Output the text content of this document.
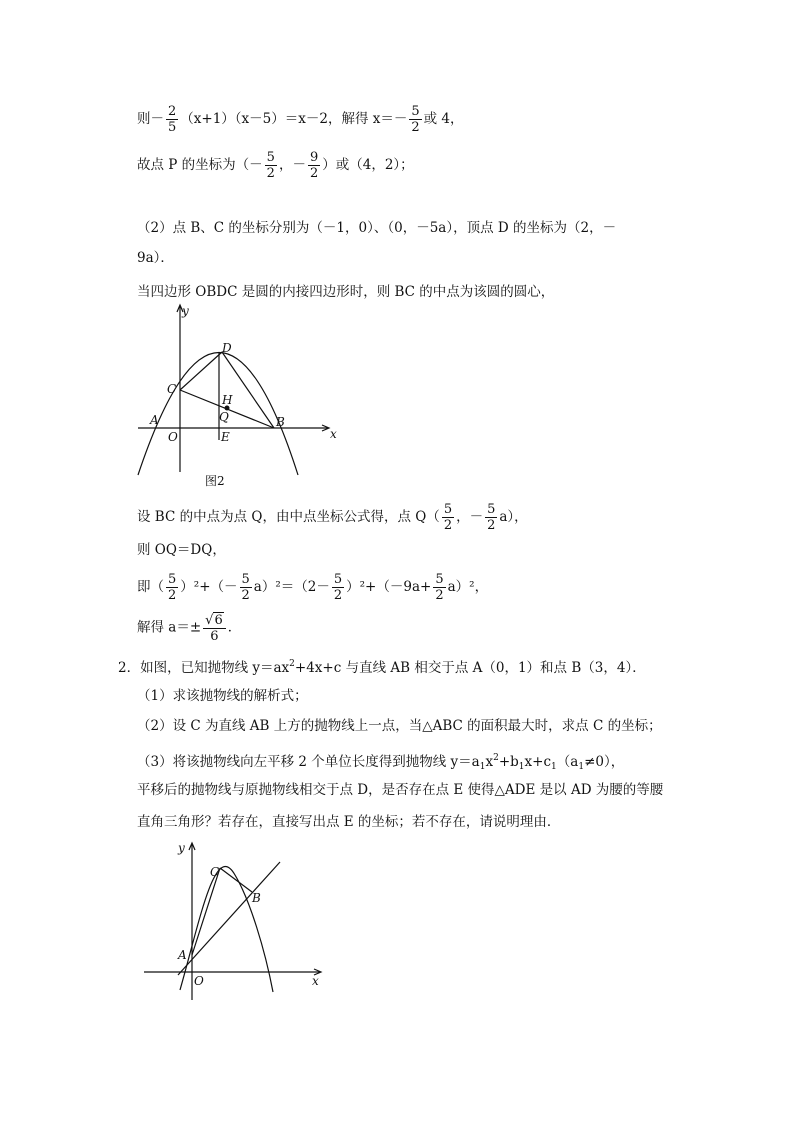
则－ $\frac{2}{5} (x+1)(x-5)=x-2$，解得 $x=- \frac{5}{2}$ 或 4，
故点 P 的坐标为（－ $\frac{5}{2}$ ，－ $\frac{9}{2}$ ）或（4，2）；
（2）点 B、C 的坐标分别为（－1，0）、（0，－5a），顶点 D 的坐标为（2，－
9a）．
当四边形 OBDC 是圆的内接四边形时，则 BC 的中点为该圆的圆心，
y
x
D
C
H
Q
A
O	E
B
图2
设 BC 的中点为点 Q，由中点坐标公式得，点 $Q( \frac{5}{2}$ ，－ $\frac{5}{2} a$），
则 OQ＝DQ，
即（ $\frac{5}{2} )^2+(- \frac{5}{2} a)^2=(2- \frac{5}{2} )^2+(-9a+ \frac{5}{2} a)^2$，
解得 $a=\pm \frac{√6}{6}$ ．
2．如图，已知抛物线 $y=ax^2+4x+c$ 与直线 AB 相交于点 A（0，1）和点 B（3，4）．
（1）求该抛物线的解析式；
（2）设 C 为直线 AB 上方的抛物线上一点，当△ABC 的面积最大时，求点 C 的坐标；
（3）将该抛物线向左平移 2 个单位长度得到抛物线 $y=a_1x^2+b_1x+c_1(a_1\ne 0)$，
平移后的抛物线与原抛物线相交于点 D，是否存在点 E 使得△ADE 是以 AD 为腰的等腰
直角三角形？若存在，直接写出点 E 的坐标；若不存在，请说明理由．
y
x
C
B
A
O
